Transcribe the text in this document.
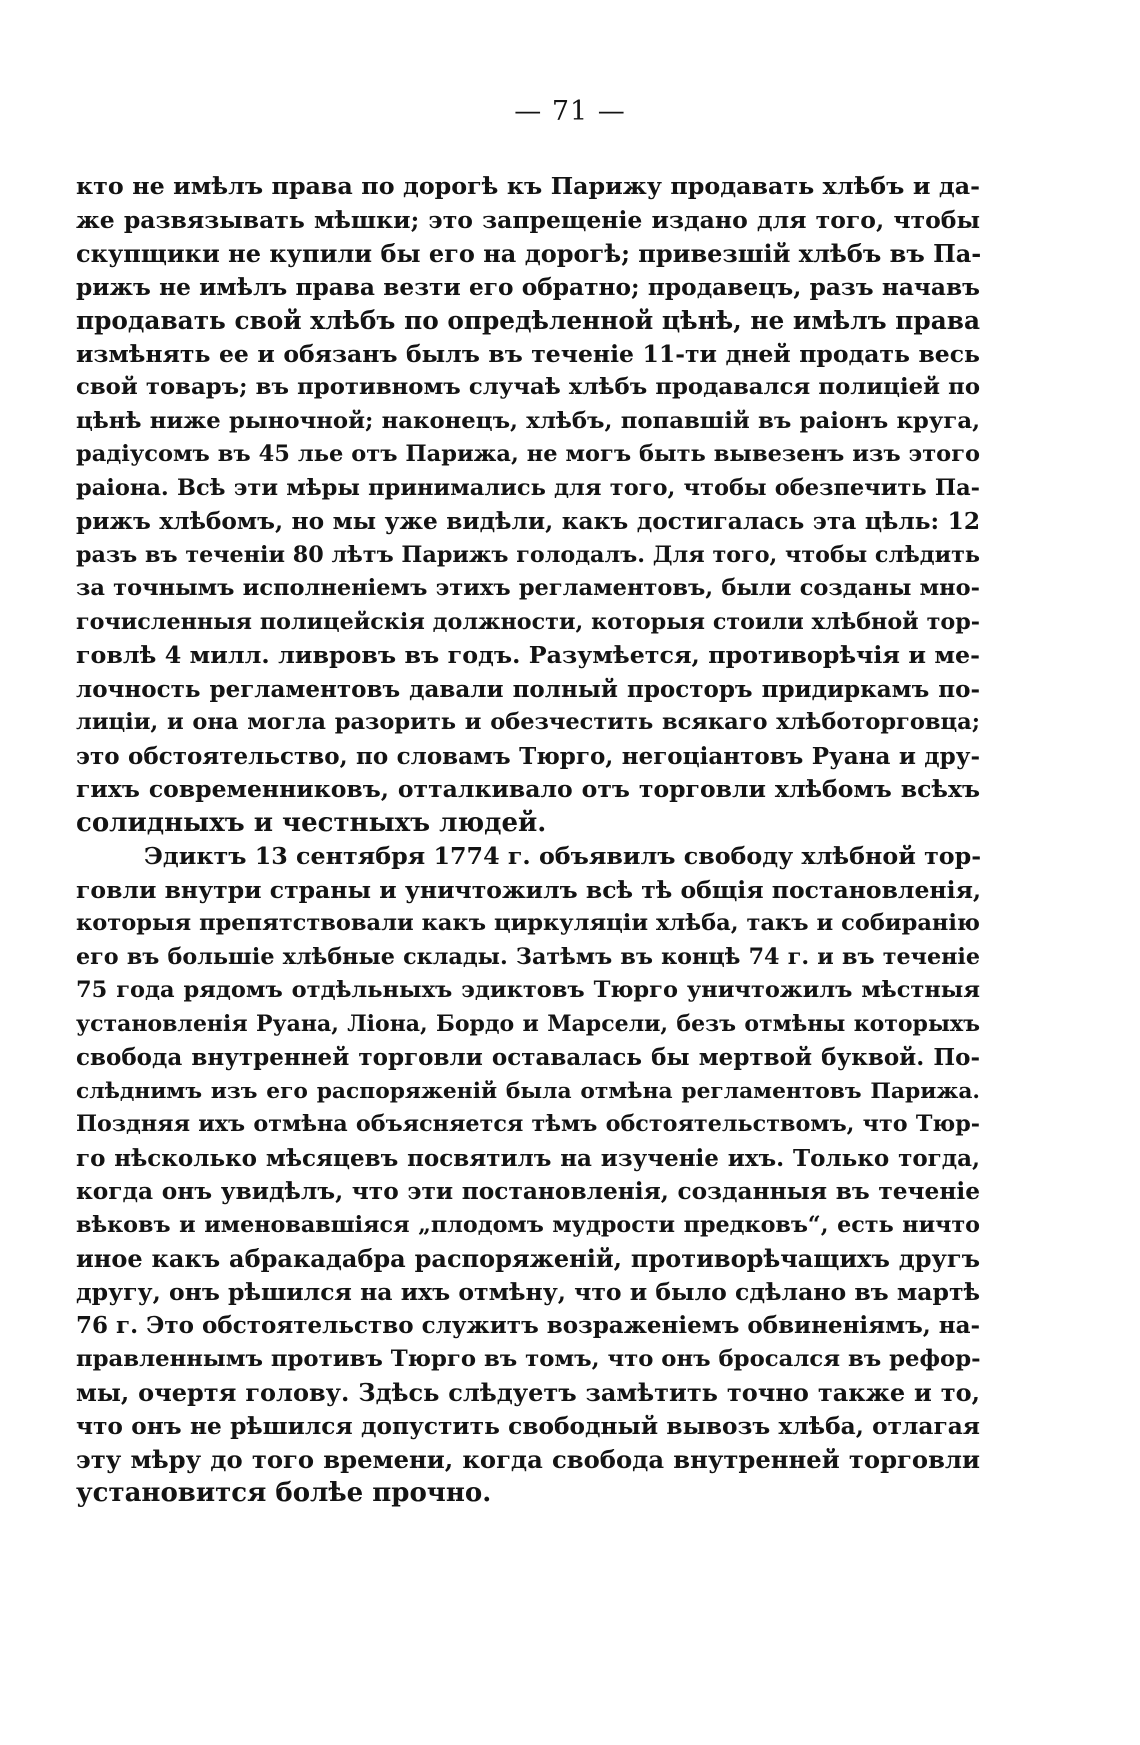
— 71 —
кто не имѣлъ права по дорогѣ къ Парижу продавать хлѣбъ и да-
же развязывать мѣшки; это запрещеніе издано для того, чтобы
скупщики не купили бы его на дорогѣ; привезшій хлѣбъ въ Па-
рижъ не имѣлъ права везти его обратно; продавецъ, разъ начавъ
продавать свой хлѣбъ по опредѣленной цѣнѣ, не имѣлъ права
измѣнять ее и обязанъ былъ въ теченіе 11-ти дней продать весь
свой товаръ; въ противномъ случаѣ хлѣбъ продавался полиціей по
цѣнѣ ниже рыночной; наконецъ, хлѣбъ, попавшій въ раіонъ круга,
радіусомъ въ 45 лье отъ Парижа, не могъ быть вывезенъ изъ этого
раіона. Всѣ эти мѣры принимались для того, чтобы обезпечить Па-
рижъ хлѣбомъ, но мы уже видѣли, какъ достигалась эта цѣль: 12
разъ въ теченіи 80 лѣтъ Парижъ голодалъ. Для того, чтобы слѣдить
за точнымъ исполненіемъ этихъ регламентовъ, были созданы мно-
гочисленныя полицейскія должности, которыя стоили хлѣбной тор-
говлѣ 4 милл. ливровъ въ годъ. Разумѣется, противорѣчія и ме-
лочность регламентовъ давали полный просторъ придиркамъ по-
лиціи, и она могла разорить и обезчестить всякаго хлѣботорговца;
это обстоятельство, по словамъ Тюрго, негоціантовъ Руана и дру-
гихъ современниковъ, отталкивало отъ торговли хлѣбомъ всѣхъ
солидныхъ и честныхъ людей.
Эдиктъ 13 сентября 1774 г. объявилъ свободу хлѣбной тор-
говли внутри страны и уничтожилъ всѣ тѣ общія постановленія,
которыя препятствовали какъ циркуляціи хлѣба, такъ и собиранію
его въ большіе хлѣбные склады. Затѣмъ въ концѣ 74 г. и въ теченіе
75 года рядомъ отдѣльныхъ эдиктовъ Тюрго уничтожилъ мѣстныя
установленія Руана, Ліона, Бордо и Марсели, безъ отмѣны которыхъ
свобода внутренней торговли оставалась бы мертвой буквой. По-
слѣднимъ изъ его распоряженій была отмѣна регламентовъ Парижа.
Поздняя ихъ отмѣна объясняется тѣмъ обстоятельствомъ, что Тюр-
го нѣсколько мѣсяцевъ посвятилъ на изученіе ихъ. Только тогда,
когда онъ увидѣлъ, что эти постановленія, созданныя въ теченіе
вѣковъ и именовавшіяся „плодомъ мудрости предковъ“, есть ничто
иное какъ абракадабра распоряженій, противорѣчащихъ другъ
другу, онъ рѣшился на ихъ отмѣну, что и было сдѣлано въ мартѣ
76 г. Это обстоятельство служитъ возраженіемъ обвиненіямъ, на-
правленнымъ противъ Тюрго въ томъ, что онъ бросался въ рефор-
мы, очертя голову. Здѣсь слѣдуетъ замѣтить точно также и то,
что онъ не рѣшился допустить свободный вывозъ хлѣба, отлагая
эту мѣру до того времени, когда свобода внутренней торговли
установится болѣе прочно.
